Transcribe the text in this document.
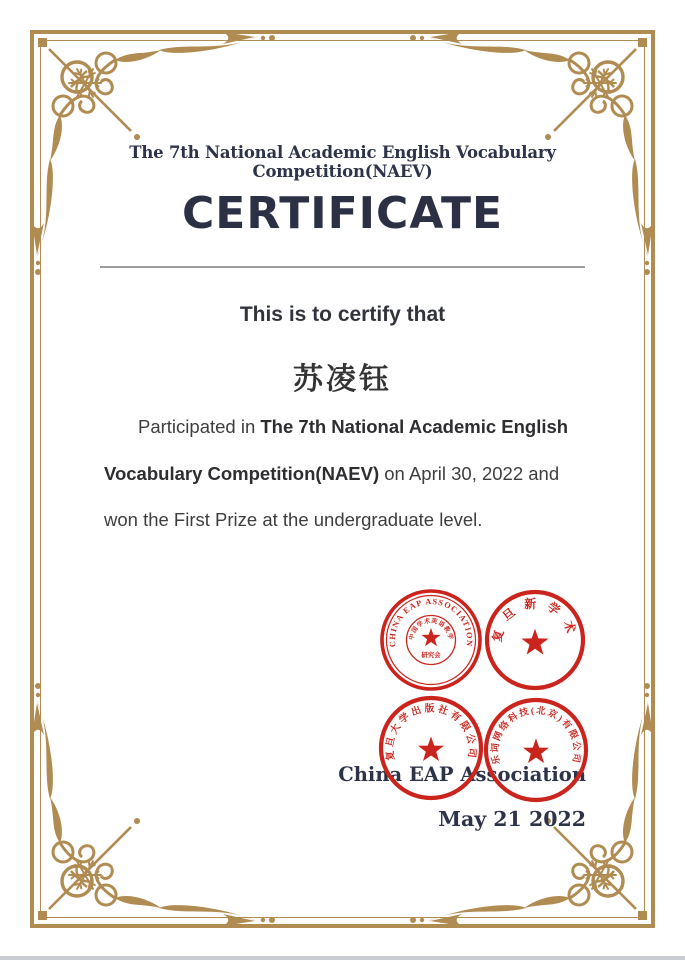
The 7th National Academic English Vocabulary Competition(NAEV)
CERTIFICATE
This is to certify that
苏凌钰
Participated in The 7th National Academic English
Vocabulary Competition(NAEV) on April 30, 2022 and
won the First Prize at the undergraduate level.
China EAP Association
May 21 2022
CHINA EAP ASSOCIATION
中国学术英语教学
研究会
复旦新学术
复旦大学出版社有限公司 乐词网络科技(北京)有限公司
